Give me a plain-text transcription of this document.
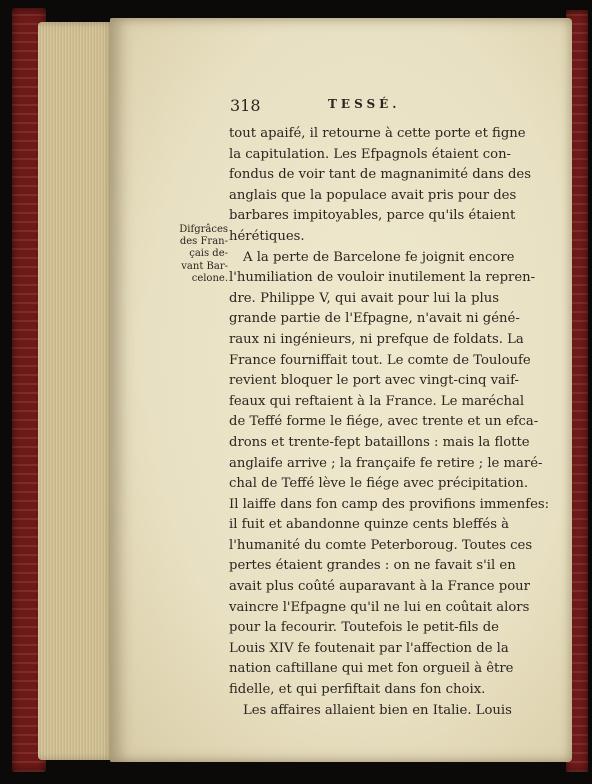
318	TESSÉ.
Difgrâces
des Fran-
çais de-
vant Bar-
celone.
tout apaifé, il retourne à cette porte et figne
la capitulation. Les Efpagnols étaient con-
fondus de voir tant de magnanimité dans des
anglais que la populace avait pris pour des
barbares impitoyables, parce qu'ils étaient
hérétiques.
A la perte de Barcelone fe joignit encore
l'humiliation de vouloir inutilement la repren-
dre. Philippe V, qui avait pour lui la plus
grande partie de l'Efpagne, n'avait ni géné-
raux ni ingénieurs, ni prefque de foldats. La
France fourniffait tout. Le comte de Touloufe
revient bloquer le port avec vingt-cinq vaif-
feaux qui reftaient à la France. Le maréchal
de Teffé forme le fiége, avec trente et un efca-
drons et trente-fept bataillons : mais la flotte
anglaife arrive ; la françaife fe retire ; le maré-
chal de Teffé lève le fiége avec précipitation.
Il laiffe dans fon camp des provifions immenfes:
il fuit et abandonne quinze cents bleffés à
l'humanité du comte Peterboroug. Toutes ces
pertes étaient grandes : on ne favait s'il en
avait plus coûté auparavant à la France pour
vaincre l'Efpagne qu'il ne lui en coûtait alors
pour la fecourir. Toutefois le petit-fils de
Louis XIV fe foutenait par l'affection de la
nation caftillane qui met fon orgueil à être
fidelle, et qui perfiftait dans fon choix.
Les affaires allaient bien en Italie. Louis
